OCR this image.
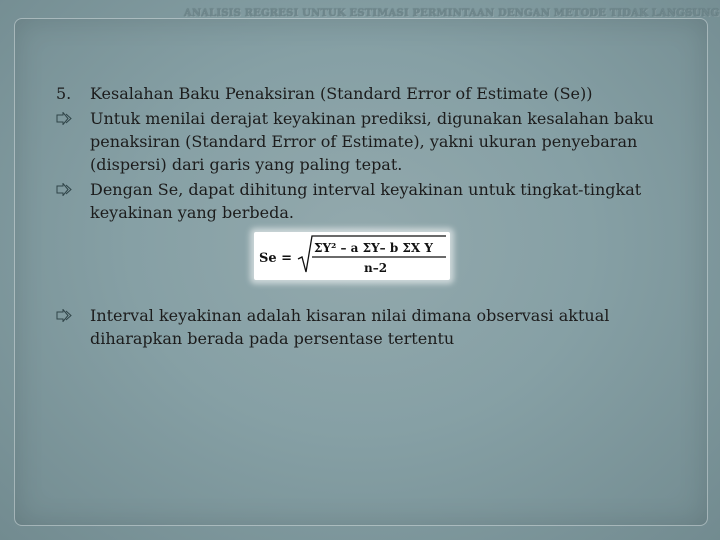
ANALISIS REGRESI UNTUK ESTIMASI PERMINTAAN DENGAN METODE TIDAK LANGSUNG
5. Kesalahan Baku Penaksiran (Standard Error of Estimate (Se))
Untuk menilai derajat keyakinan prediksi, digunakan kesalahan baku penaksiran (Standard Error of Estimate), yakni ukuran penyebaran (dispersi) dari garis yang paling tepat.
Dengan Se, dapat dihitung interval keyakinan untuk tingkat-tingkat keyakinan yang berbeda.
Se =
ΣY² – a ΣY– b ΣX Y
n–2
Interval keyakinan adalah kisaran nilai dimana observasi aktual diharapkan berada pada persentase tertentu
